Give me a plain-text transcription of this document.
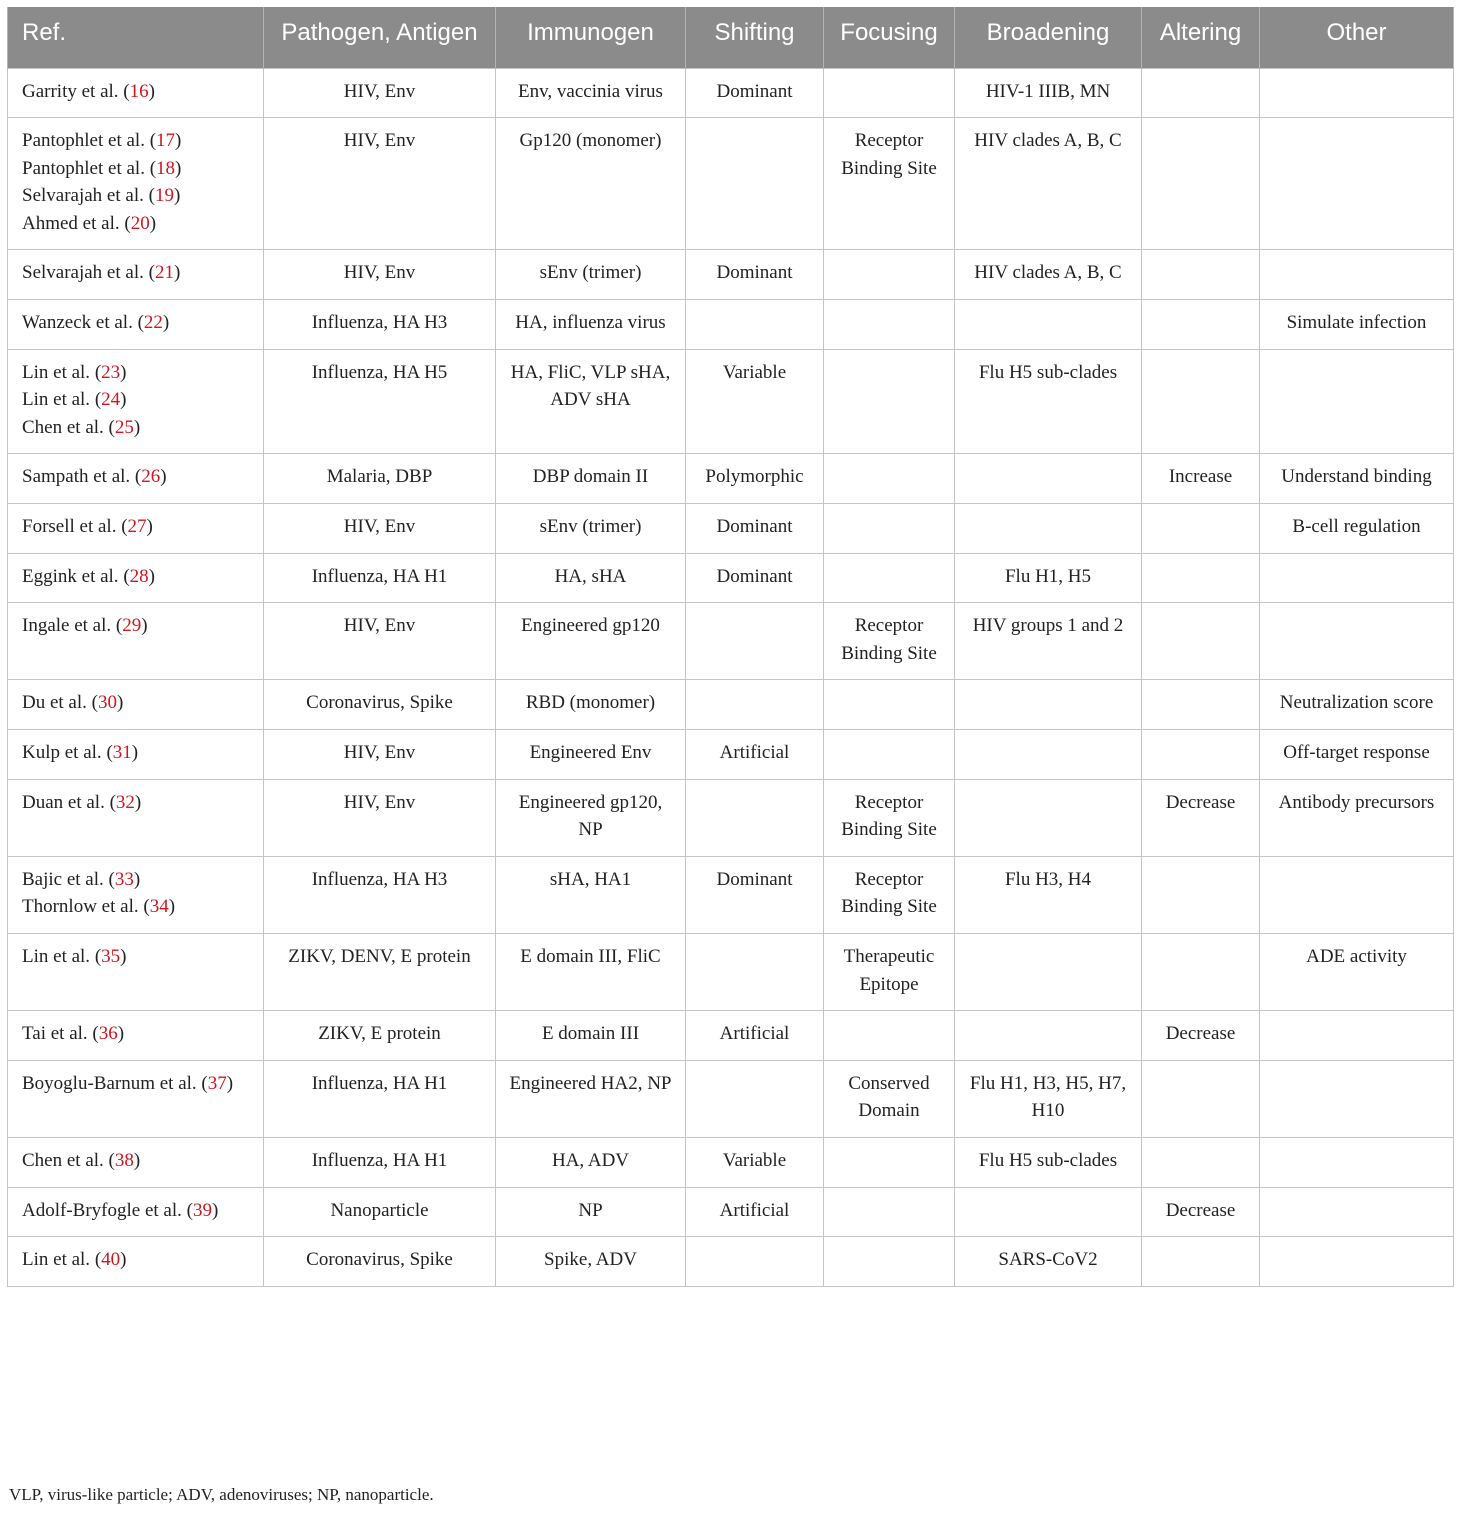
Ref.	Pathogen, Antigen	Immunogen	Shifting	Focusing	Broadening	Altering	Other

Garrity et al. (16)	HIV, Env	Env, vaccinia virus	Dominant		HIV-1 IIIB, MN		

Pantophlet et al. (17)
Pantophlet et al. (18)
Selvarajah et al. (19)
Ahmed et al. (20)	HIV, Env	Gp120 (monomer)		Receptor Binding Site	HIV clades A, B, C		

Selvarajah et al. (21)	HIV, Env	sEnv (trimer)	Dominant		HIV clades A, B, C		

Wanzeck et al. (22)	Influenza, HA H3	HA, influenza virus					Simulate infection

Lin et al. (23)
Lin et al. (24)
Chen et al. (25)	Influenza, HA H5	HA, FliC, VLP sHA, ADV sHA	Variable		Flu H5 sub-clades		

Sampath et al. (26)	Malaria, DBP	DBP domain II	Polymorphic			Increase	Understand binding

Forsell et al. (27)	HIV, Env	sEnv (trimer)	Dominant				B-cell regulation

Eggink et al. (28)	Influenza, HA H1	HA, sHA	Dominant		Flu H1, H5		

Ingale et al. (29)	HIV, Env	Engineered gp120		Receptor Binding Site	HIV groups 1 and 2		

Du et al. (30)	Coronavirus, Spike	RBD (monomer)					Neutralization score

Kulp et al. (31)	HIV, Env	Engineered Env	Artificial				Off-target response

Duan et al. (32)	HIV, Env	Engineered gp120, NP		Receptor Binding Site		Decrease	Antibody precursors

Bajic et al. (33)
Thornlow et al. (34)	Influenza, HA H3	sHA, HA1	Dominant	Receptor Binding Site	Flu H3, H4		

Lin et al. (35)	ZIKV, DENV, E protein	E domain III, FliC		Therapeutic Epitope			ADE activity

Tai et al. (36)	ZIKV, E protein	E domain III	Artificial			Decrease	

Boyoglu-Barnum et al. (37)	Influenza, HA H1	Engineered HA2, NP		Conserved Domain	Flu H1, H3, H5, H7, H10		

Chen et al. (38)	Influenza, HA H1	HA, ADV	Variable		Flu H5 sub-clades		

Adolf-Bryfogle et al. (39)	Nanoparticle	NP	Artificial			Decrease	

Lin et al. (40)	Coronavirus, Spike	Spike, ADV			SARS-CoV2		
VLP, virus-like particle; ADV, adenoviruses; NP, nanoparticle.
